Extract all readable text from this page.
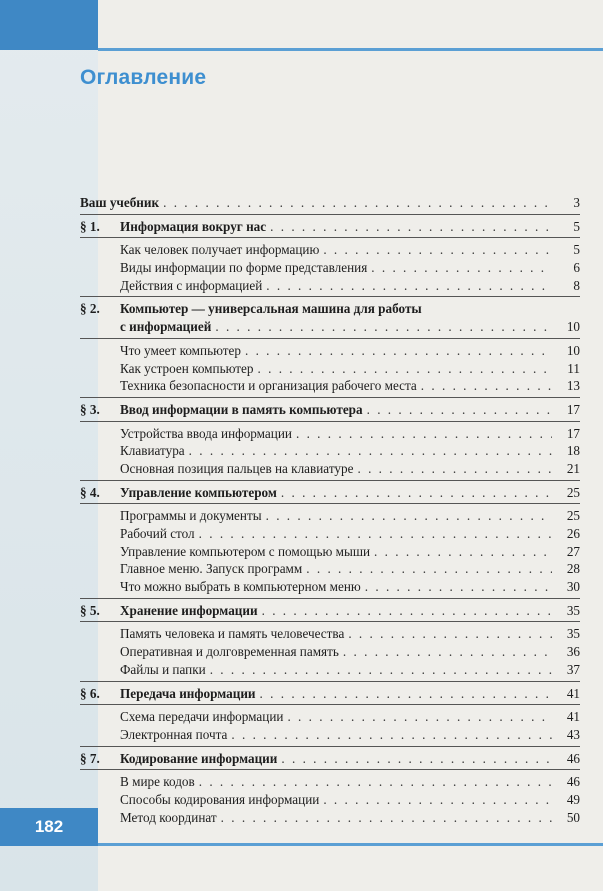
Оглавление
Ваш учебник . . .	3
§ 1.	Информация вокруг нас . . .	5
Как человек получает информацию . . .	5
Виды информации по форме представления . . .	6
Действия с информацией . . .	8
§ 2.	Компьютер — универсальная машина для работы
с информацией . . .	10
Что умеет компьютер . . .	10
Как устроен компьютер . . .	11
Техника безопасности и организация рабочего места . . .	13
§ 3.	Ввод информации в память компьютера . . .	17
Устройства ввода информации . . .	17
Клавиатура . . .	18
Основная позиция пальцев на клавиатуре . . .	21
§ 4.	Управление компьютером . . .	25
Программы и документы . . .	25
Рабочий стол . . .	26
Управление компьютером с помощью мыши . . .	27
Главное меню. Запуск программ . . .	28
Что можно выбрать в компьютерном меню . . .	30
§ 5.	Хранение информации . . .	35
Память человека и память человечества . . .	35
Оперативная и долговременная память . . .	36
Файлы и папки . . .	37
§ 6.	Передача информации . . .	41
Схема передачи информации . . .	41
Электронная почта . . .	43
§ 7.	Кодирование информации . . .	46
В мире кодов . . .	46
Способы кодирования информации . . .	49
Метод координат . . .	50
182
